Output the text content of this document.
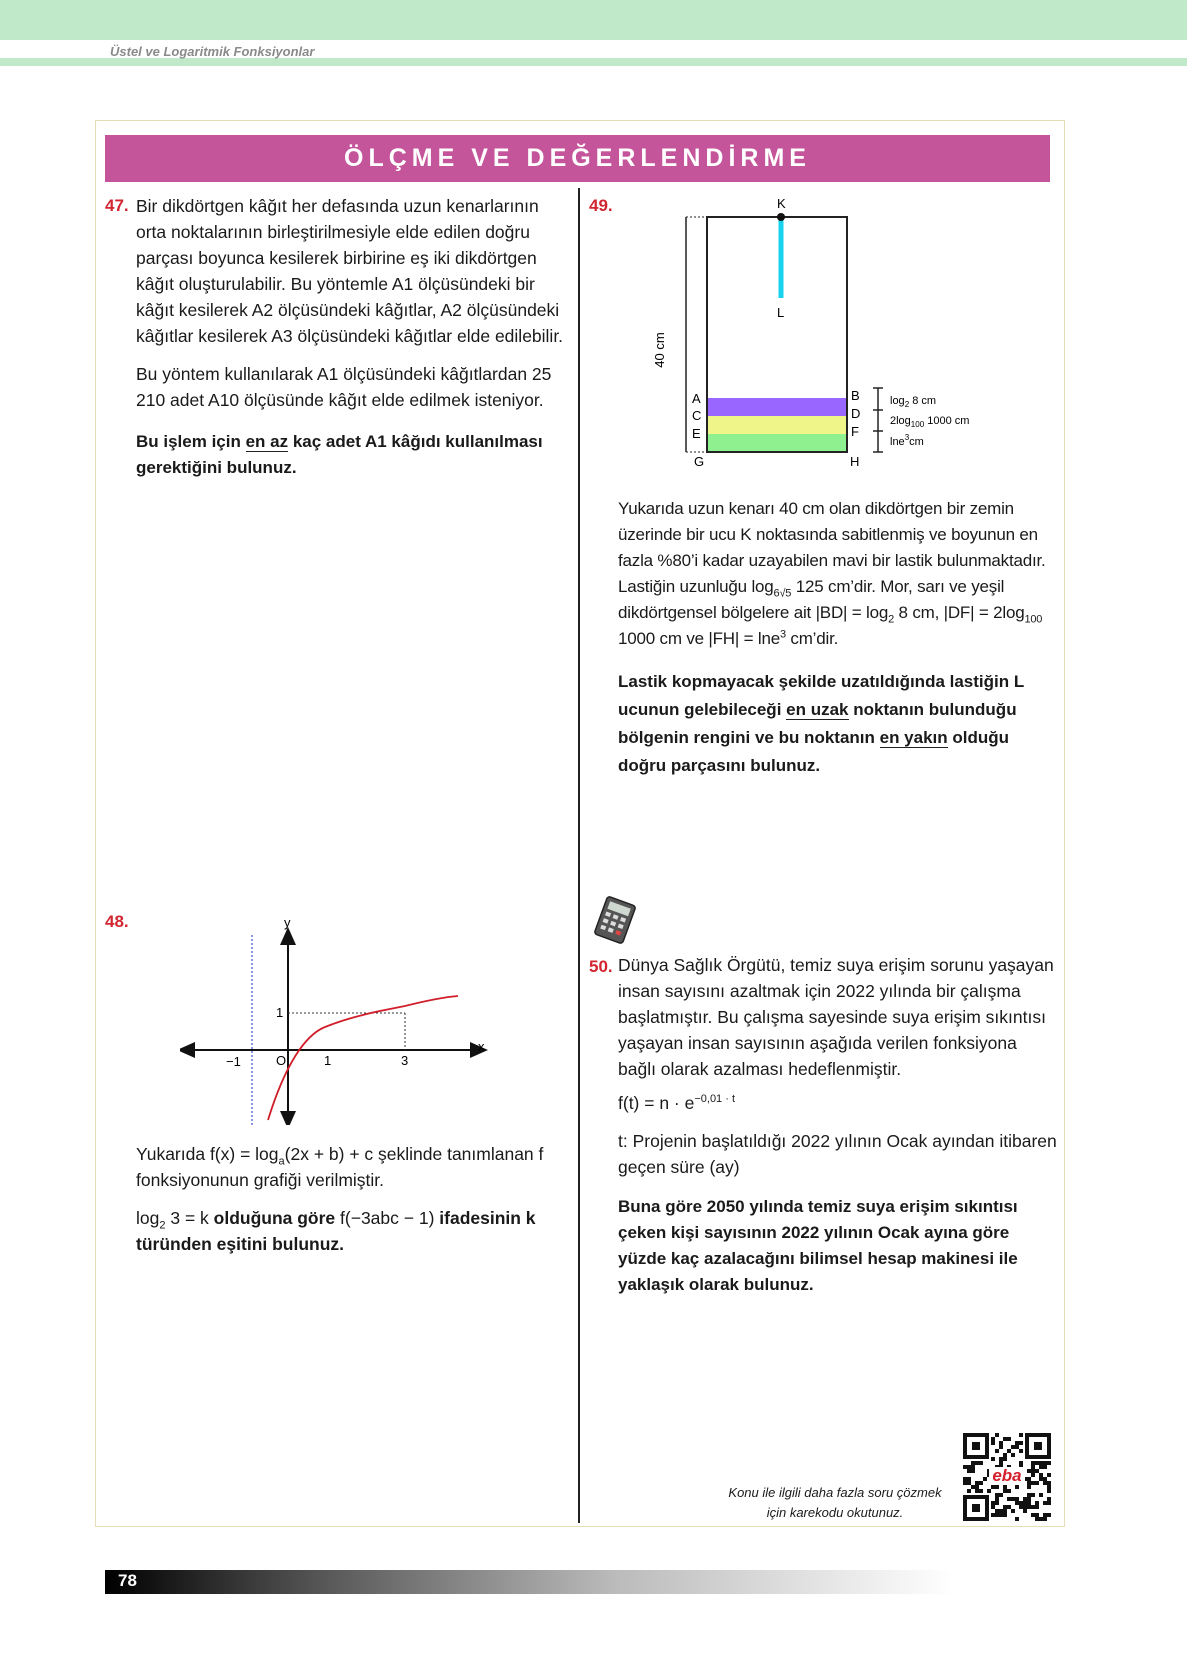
Üstel ve Logaritmik Fonksiyonlar
ÖLÇME VE DEĞERLENDİRME
47. Bir dikdörtgen kâğıt her defasında uzun kenarlarının orta noktalarının birleştirilmesiyle elde edilen doğru parçası boyunca kesilerek birbirine eş iki dikdörtgen kâğıt oluşturulabilir. Bu yöntemle A1 ölçüsündeki bir kâğıt kesilerek A2 ölçüsündeki kâğıtlar, A2 ölçüsündeki kâğıtlar kesilerek A3 ölçüsündeki kâğıtlar elde edilebilir.

Bu yöntem kullanılarak A1 ölçüsündeki kâğıtlardan 25 210 adet A10 ölçüsünde kâğıt elde edilmek isteniyor.

Bu işlem için en az kaç adet A1 kâğıdı kullanılması gerektiğini bulunuz.

49.	K
L
40 cm
A
C
E
G
B
D
F
H
$\log_2 8$ cm
$2\log_{100}$ 1000 cm
lne$^3$cm

Yukarıda uzun kenarı 40 cm olan dikdörtgen bir zemin üzerinde bir ucu K noktasında sabitlenmiş ve boyunun en fazla %80’i kadar uzayabilen mavi bir lastik bulunmaktadır. Lastiğin uzunluğu $\log_{6√5} 125$ cm’dir. Mor, sarı ve yeşil dikdörtgensel bölgelere ait $|BD| = \log_2 8$ cm, $|DF| = 2\log_{100}$ 1000 cm ve |FH| = lne$^3$ cm’dir.

Lastik kopmayacak şekilde uzatıldığında lastiğin L ucunun gelebileceği en uzak noktanın bulunduğu bölgenin rengini ve bu noktanın en yakın olduğu doğru parçasını bulunuz.

48.
x
y
−1	O	1	3
1

Yukarıda $f(x) = \log_a(2x + b) + c$ şeklinde tanımlanan f fonksiyonunun grafiği verilmiştir.

$\log_2 3 = k$ olduğuna göre f(−3abc − 1) ifadesinin k türünden eşitini bulunuz.

50. Dünya Sağlık Örgütü, temiz suya erişim sorunu yaşayan insan sayısını azaltmak için 2022 yılında bir çalışma başlatmıştır. Bu çalışma sayesinde suya erişim sıkıntısı yaşayan insan sayısının aşağıda verilen fonksiyona bağlı olarak azalması hedeflenmiştir.

$f(t) = n \cdot e^{-0,01 \cdot t}$

t: Projenin başlatıldığı 2022 yılının Ocak ayından itibaren geçen süre (ay)

Buna göre 2050 yılında temiz suya erişim sıkıntısı çeken kişi sayısının 2022 yılının Ocak ayına göre yüzde kaç azalacağını bilimsel hesap makinesi ile yaklaşık olarak bulunuz.

Konu ile ilgili daha fazla soru çözmek
için karekodu okutunuz.
eba
78
